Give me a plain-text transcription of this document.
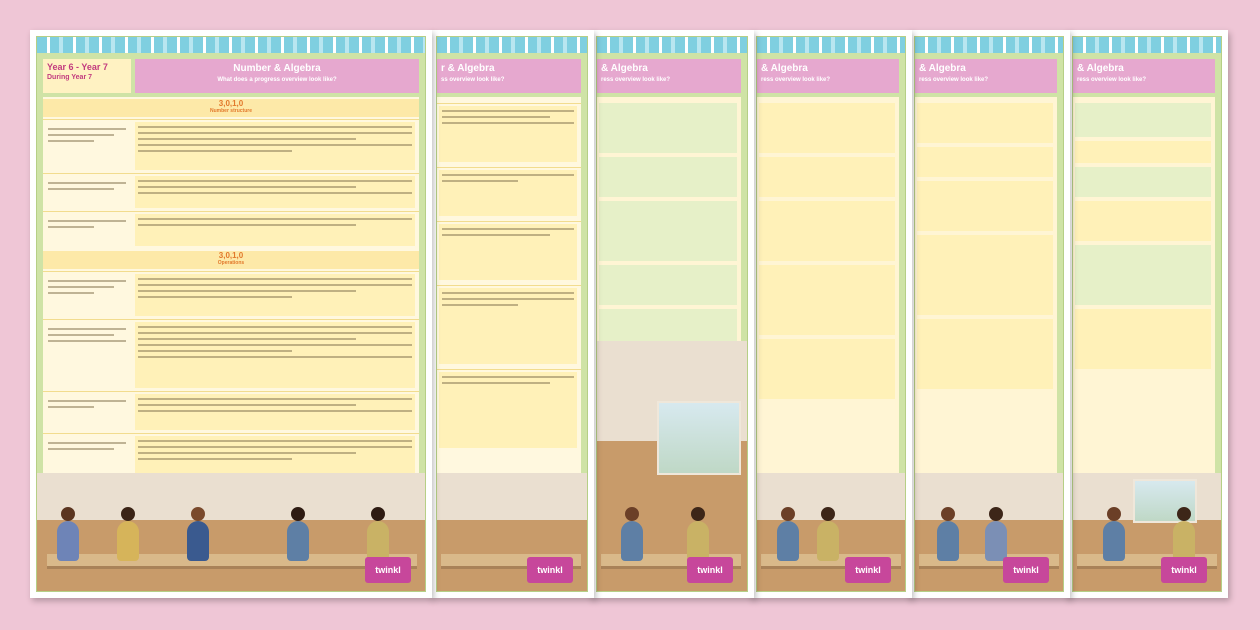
& Algebra
ress overview look like?
twinkl
& Algebra
ress overview look like?
twinkl
& Algebra
ress overview look like?
twinkl
& Algebra
ress overview look like?
twinkl
r & Algebra
ss overview look like?
twinkl
Year 6 - Year 7
During Year 7
Number & Algebra
What does a progress overview look like?
3,0,1,0
Number structure
3,0,1,0
Operations
twinkl
